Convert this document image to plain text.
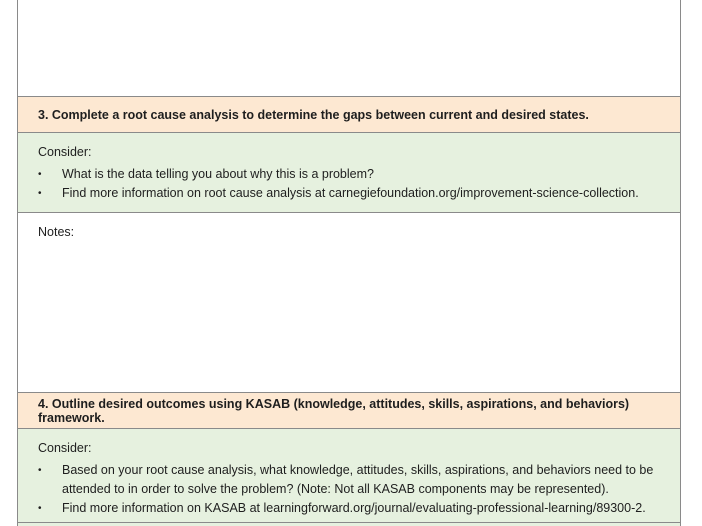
3. Complete a root cause analysis to determine the gaps between current and desired states.

Consider:

• What is the data telling you about why this is a problem?
• Find more information on root cause analysis at carnegiefoundation.org/improvement-science-collection.
Notes:
4. Outline desired outcomes using KASAB (knowledge, attitudes, skills, aspirations, and behaviors) framework.

Consider:

• Based on your root cause analysis, what knowledge, attitudes, skills, aspirations, and behaviors need to be attended to in order to solve the problem? (Note: Not all KASAB components may be represented).
• Find more information on KASAB at learningforward.org/journal/evaluating-professional-learning/89300-2.
